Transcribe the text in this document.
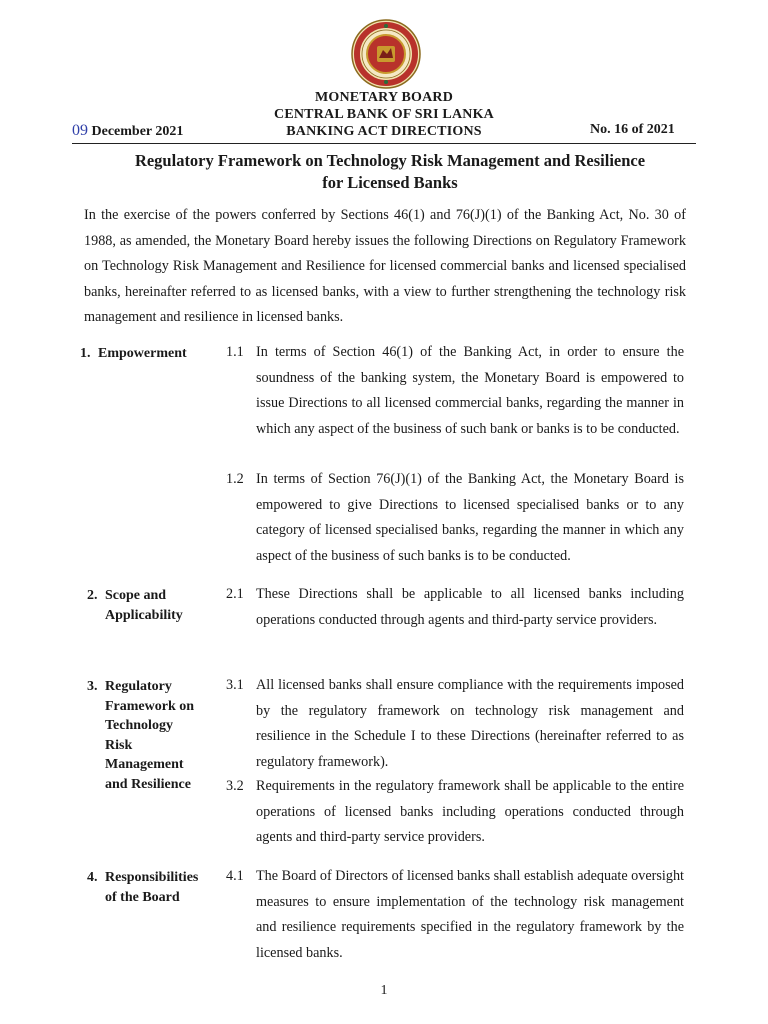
MONETARY BOARD
CENTRAL BANK OF SRI LANKA
BANKING ACT DIRECTIONS
09 December 2021	No. 16 of 2021
Regulatory Framework on Technology Risk Management and Resilience
for Licensed Banks
In the exercise of the powers conferred by Sections 46(1) and 76(J)(1) of the Banking Act, No. 30 of 1988, as amended, the Monetary Board hereby issues the following Directions on Regulatory Framework on Technology Risk Management and Resilience for licensed commercial banks and licensed specialised banks, hereinafter referred to as licensed banks, with a view to further strengthening the technology risk management and resilience in licensed banks.
1. Empowerment	1.1 In terms of Section 46(1) of the Banking Act, in order to ensure the soundness of the banking system, the Monetary Board is empowered to issue Directions to all licensed commercial banks, regarding the manner in which any aspect of the business of such bank or banks is to be conducted.
1.2 In terms of Section 76(J)(1) of the Banking Act, the Monetary Board is empowered to give Directions to licensed specialised banks or to any category of licensed specialised banks, regarding the manner in which any aspect of the business of such banks is to be conducted.
2. Scope and
Applicability
2.1 These Directions shall be applicable to all licensed banks including operations conducted through agents and third-party service providers.
3. Regulatory
Framework on
Technology
Risk
Management
and Resilience
3.1 All licensed banks shall ensure compliance with the requirements imposed by the regulatory framework on technology risk management and resilience in the Schedule I to these Directions (hereinafter referred to as regulatory framework).
3.2 Requirements in the regulatory framework shall be applicable to the entire operations of licensed banks including operations conducted through agents and third-party service providers.
4. Responsibilities
of the Board
4.1 The Board of Directors of licensed banks shall establish adequate oversight measures to ensure implementation of the technology risk management and resilience requirements specified in the regulatory framework by the licensed banks.
1
